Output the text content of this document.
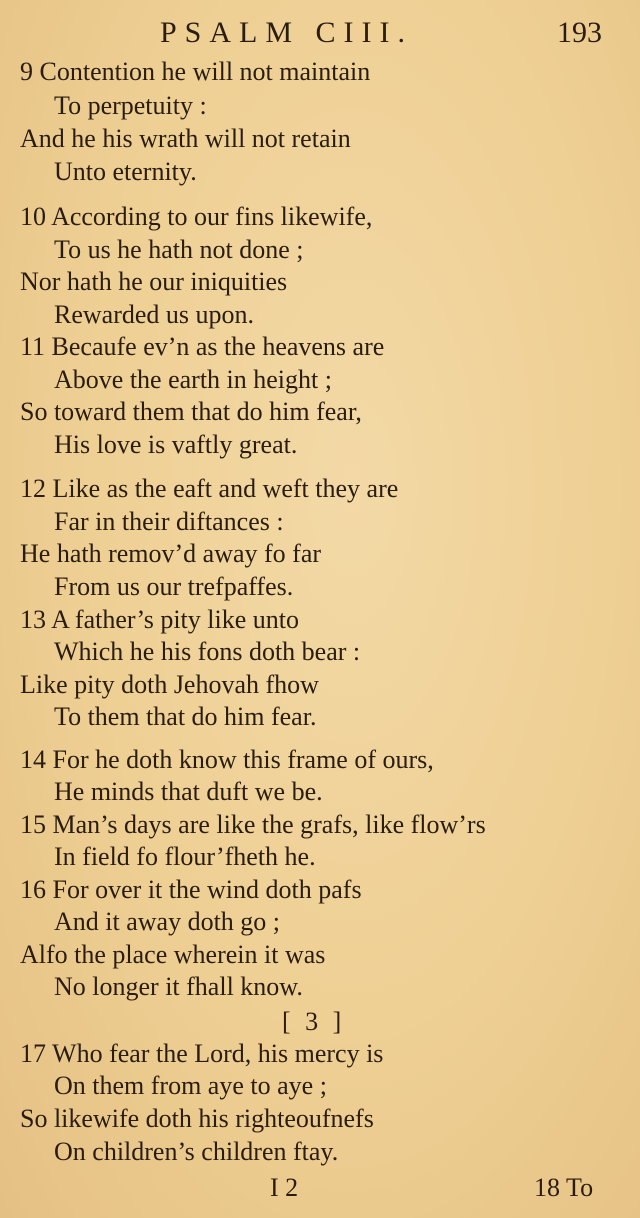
PSALM CIII.	193
9 Contention he will not maintain
To perpetuity :
And he his wrath will not retain
Unto eternity.
10 According to our fins likewife,
To us he hath not done ;
Nor hath he our iniquities
Rewarded us upon.
11 Becaufe ev’n as the heavens are
Above the earth in height ;
So toward them that do him fear,
His love is vaftly great.
12 Like as the eaft and weft they are
Far in their diftances :
He hath remov’d away fo far
From us our trefpaffes.
13 A father’s pity like unto
Which he his fons doth bear :
Like pity doth Jehovah fhow
To them that do him fear.
14 For he doth know this frame of ours,
He minds that duft we be.
15 Man’s days are like the grafs, like flow’rs
In field fo flour’fheth he.
16 For over it the wind doth pafs
And it away doth go ;
Alfo the place wherein it was
No longer it fhall know.
[ 3 ]
17 Who fear the Lord, his mercy is
On them from aye to aye ;
So likewife doth his righteoufnefs
On children’s children ftay.
I 2	18 To
